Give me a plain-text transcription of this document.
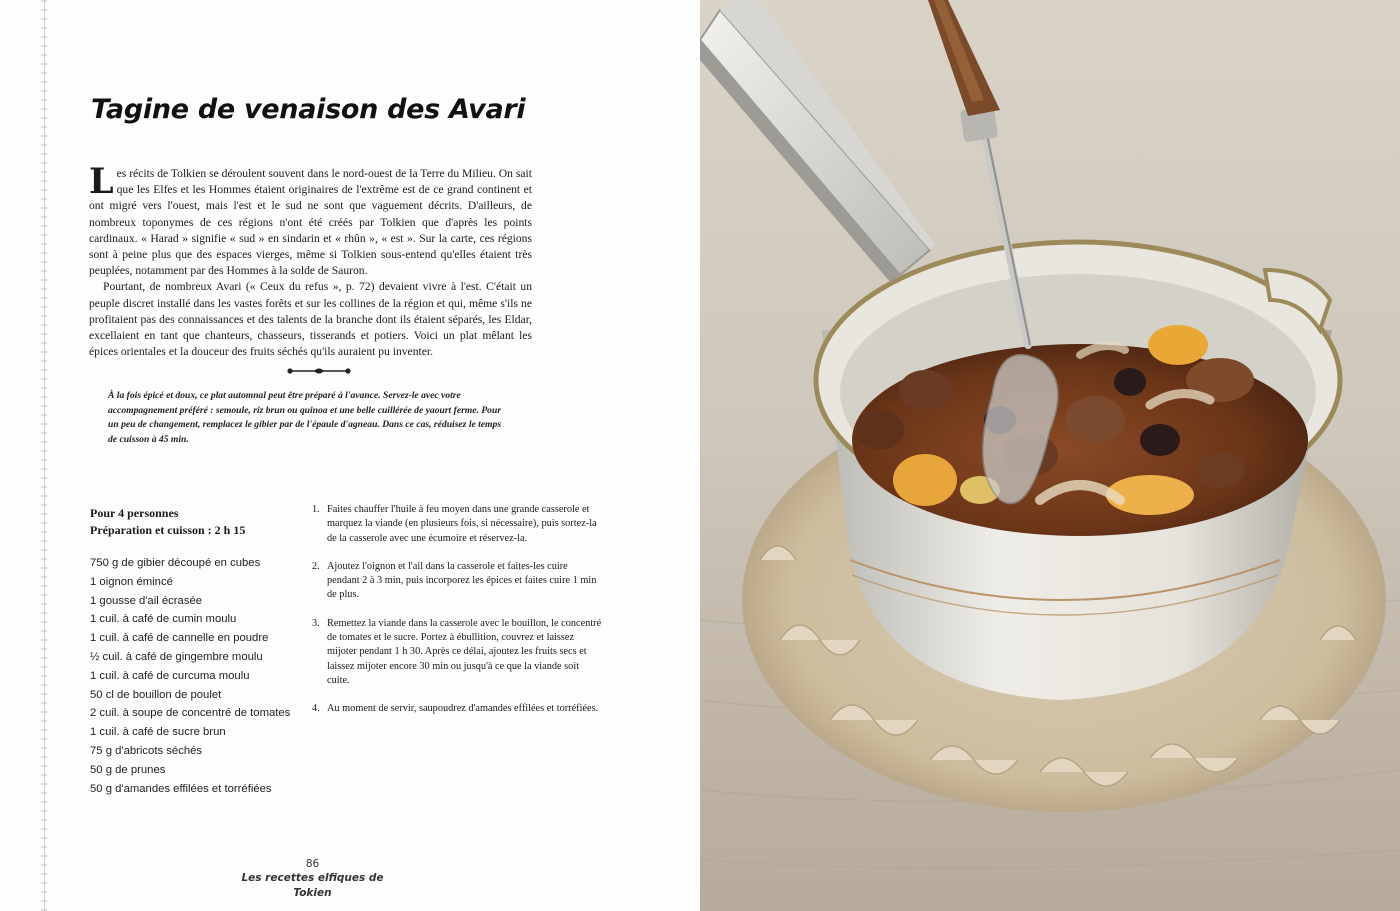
Tagine de venaison des Avari

Les récits de Tolkien se déroulent souvent dans le nord-ouest de la Terre du Milieu. On sait que les Elfes et les Hommes étaient originaires de l'extrême est de ce grand continent et ont migré vers l'ouest, mais l'est et le sud ne sont que vaguement décrits. D'ailleurs, de nombreux toponymes de ces régions n'ont été créés par Tolkien que d'après les points cardinaux. « Harad » signifie « sud » en sindarin et « rhûn », « est ». Sur la carte, ces régions sont à peine plus que des espaces vierges, même si Tolkien sous-entend qu'elles étaient très peuplées, notamment par des Hommes à la solde de Sauron.

Pourtant, de nombreux Avari (« Ceux du refus », p. 72) devaient vivre à l'est. C'était un peuple discret installé dans les vastes forêts et sur les collines de la région et qui, même s'ils ne profitaient pas des connaissances et des talents de la branche dont ils étaient séparés, les Eldar, excellaient en tant que chanteurs, chasseurs, tisserands et potiers. Voici un plat mêlant les épices orientales et la douceur des fruits séchés qu'ils auraient pu inventer.

À la fois épicé et doux, ce plat automnal peut être préparé à l'avance. Servez-le avec votre accompagnement préféré : semoule, riz brun ou quinoa et une belle cuillérée de yaourt ferme. Pour un peu de changement, remplacez le gibier par de l'épaule d'agneau. Dans ce cas, réduisez le temps de cuisson à 45 min.

Pour 4 personnes
Préparation et cuisson : 2 h 15
750 g de gibier découpé en cubes
1 oignon émincé
1 gousse d'ail écrasée
1 cuil. à café de cumin moulu
1 cuil. à café de cannelle en poudre
½ cuil. à café de gingembre moulu
1 cuil. à café de curcuma moulu
50 cl de bouillon de poulet
2 cuil. à soupe de concentré de tomates
1 cuil. à café de sucre brun
75 g d'abricots séchés
50 g de prunes
50 g d'amandes effilées et torréfiées
1. Faites chauffer l'huile à feu moyen dans une grande casserole et marquez la viande (en plusieurs fois, si nécessaire), puis sortez-la de la casserole avec une écumoire et réservez-la.
2. Ajoutez l'oignon et l'ail dans la casserole et faites-les cuire pendant 2 à 3 min, puis incorporez les épices et faites cuire 1 min de plus.
3. Remettez la viande dans la casserole avec le bouillon, le concentré de tomates et le sucre. Portez à ébullition, couvrez et laissez mijoter pendant 1 h 30. Après ce délai, ajoutez les fruits secs et laissez mijoter encore 30 min ou jusqu'à ce que la viande soit cuite.
4. Au moment de servir, saupoudrez d'amandes effilées et torréfiées.
86
Les recettes elfiques de Tokien
